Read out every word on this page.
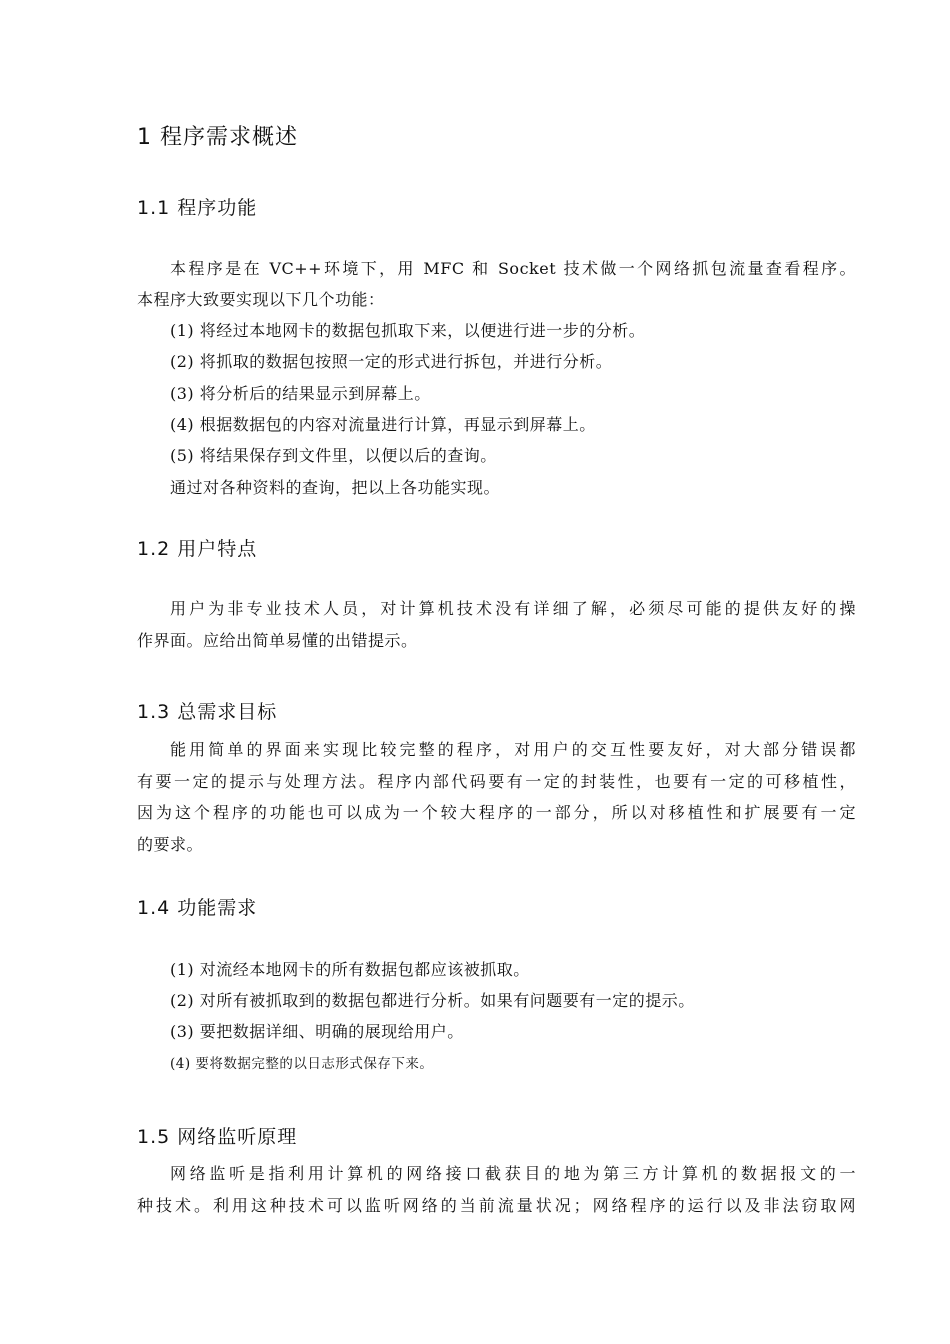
1 程序需求概述
1.1 程序功能
本程序是在 VC++环境下，用 MFC 和 Socket 技术做一个网络抓包流量查看程序。
本程序大致要实现以下几个功能：
(1) 将经过本地网卡的数据包抓取下来，以便进行进一步的分析。
(2) 将抓取的数据包按照一定的形式进行拆包，并进行分析。
(3) 将分析后的结果显示到屏幕上。
(4) 根据数据包的内容对流量进行计算，再显示到屏幕上。
(5) 将结果保存到文件里，以便以后的查询。
通过对各种资料的查询，把以上各功能实现。
1.2 用户特点
用户为非专业技术人员，对计算机技术没有详细了解，必须尽可能的提供友好的操
作界面。应给出简单易懂的出错提示。
1.3 总需求目标
能用简单的界面来实现比较完整的程序，对用户的交互性要友好，对大部分错误都
有要一定的提示与处理方法。程序内部代码要有一定的封装性，也要有一定的可移植性，
因为这个程序的功能也可以成为一个较大程序的一部分，所以对移植性和扩展要有一定
的要求。
1.4 功能需求
(1) 对流经本地网卡的所有数据包都应该被抓取。
(2) 对所有被抓取到的数据包都进行分析。如果有问题要有一定的提示。
(3) 要把数据详细、明确的展现给用户。
(4) 要将数据完整的以日志形式保存下来。
1.5 网络监听原理
网络监听是指利用计算机的网络接口截获目的地为第三方计算机的数据报文的一
种技术。利用这种技术可以监听网络的当前流量状况；网络程序的运行以及非法窃取网
